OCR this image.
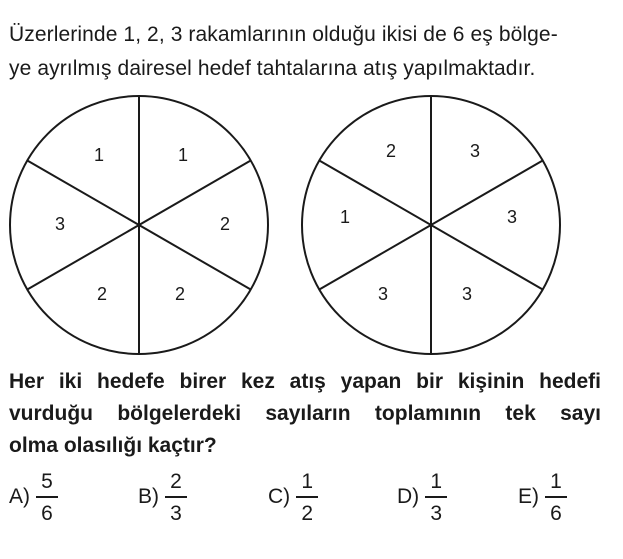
Üzerlerinde 1, 2, 3 rakamlarının olduğu ikisi de 6 eş bölge-
ye ayrılmış dairesel hedef tahtalarına atış yapılmaktadır.
1	1
2
2
2
3
2	3
3
3
3
1
Her iki hedefe birer kez atış yapan bir kişinin hedefi
vurduğu bölgelerdeki sayıların toplamının tek sayı
olma olasılığı kaçtır?
$A) \frac{5}{6}$	$B) \frac{2}{3}$	$C) \frac{1}{2}$	$D) \frac{1}{3}$	$E) \frac{1}{6}$
